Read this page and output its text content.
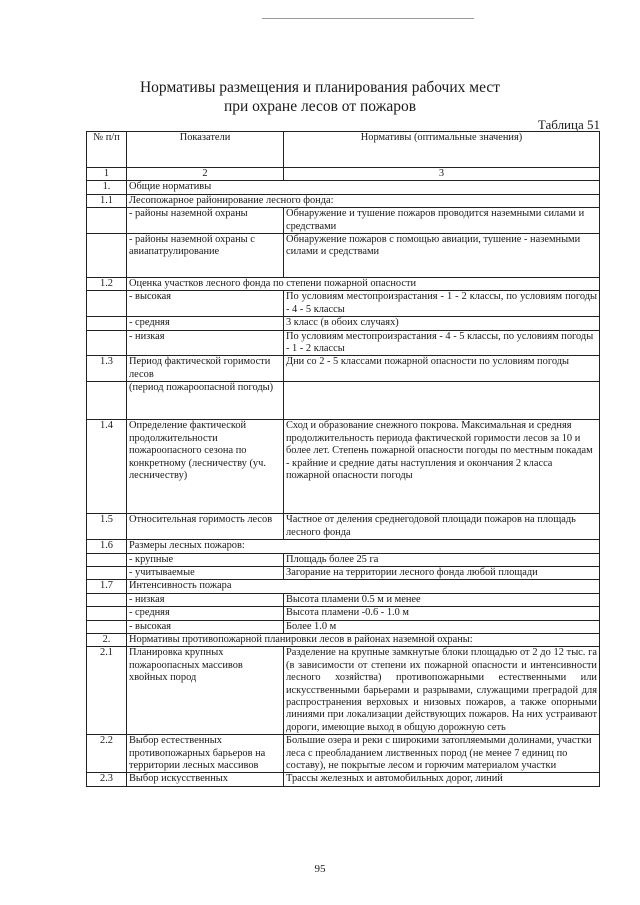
Нормативы размещения и планирования рабочих мест
при охране лесов от пожаров
Таблица 51
№ п/п	Показатели	Нормативы (оптимальные значения)
1	2	3
1.	Общие нормативы	
1.1	Лесопожарное районирование лесного фонда:	
	- районы наземной охраны	Обнаружение и тушение пожаров проводится наземными силами и средствами
	- районы наземной охраны с авиапатрулирование	Обнаружение пожаров с помощью авиации, тушение - наземными силами и средствами
1.2	Оценка участков лесного фонда по степени пожарной опасности	
	- высокая	По условиям местопроизрастания - 1 - 2 классы, по условиям погоды - 4 - 5 классы
	- средняя	3 класс (в обоих случаях)
	- низкая	По условиям местопроизрастания - 4 - 5 классы, по условиям погоды - 1 - 2 классы
1.3	Период фактической горимости лесов	Дни со 2 - 5 классами пожарной опасности по условиям погоды
	(период пожароопасной погоды)	
1.4	Определение фактической продолжительности пожароопасного сезона по конкретному (лесничеству (уч. лесничеству)	Сход и образование снежного покрова. Максимальная и средняя продолжительность периода фактической горимости лесов за 10 и более лет. Степень пожарной опасности погоды по местным покадам - крайние и средние даты наступления и окончания 2 класса пожарной опасности погоды
1.5	Относительная горимость лесов	Частное от деления среднегодовой площади пожаров на площадь лесного фонда
1.6	Размеры лесных пожаров:	
	- крупные	Площадь более 25 га
	- учитываемые	Загорание на территории лесного фонда любой площади
1.7	Интенсивность пожара	
	- низкая	Высота пламени 0.5 м и менее
	- средняя	Высота пламени -0.6 - 1.0 м
	- высокая	Более 1.0 м
2.	Нормативы противопожарной планировки лесов в районах наземной охраны:	
2.1	Планировка крупных пожароопасных массивов хвойных пород	Разделение на крупные замкнутые блоки площадью от 2 до 12 тыс. га (в зависимости от степени их пожарной опасности и интенсивности лесного хозяйства) противопожарными естественными или искусственными барьерами и разрывами, служащими преградой для распространения верховых и низовых пожаров, а также опорными линиями при локализации действующих пожаров. На них устраивают дороги, имеющие выход в общую дорожную сеть
2.2	Выбор естественных противопожарных барьеров на территории лесных массивов	Большие озера и реки с широкими затопляемыми долинами, участки леса с преобладанием лиственных пород (не менее 7 единиц по составу), не покрытые лесом и горючим материалом участки
2.3	Выбор искусственных	Трассы железных и автомобильных дорог, линий
95
